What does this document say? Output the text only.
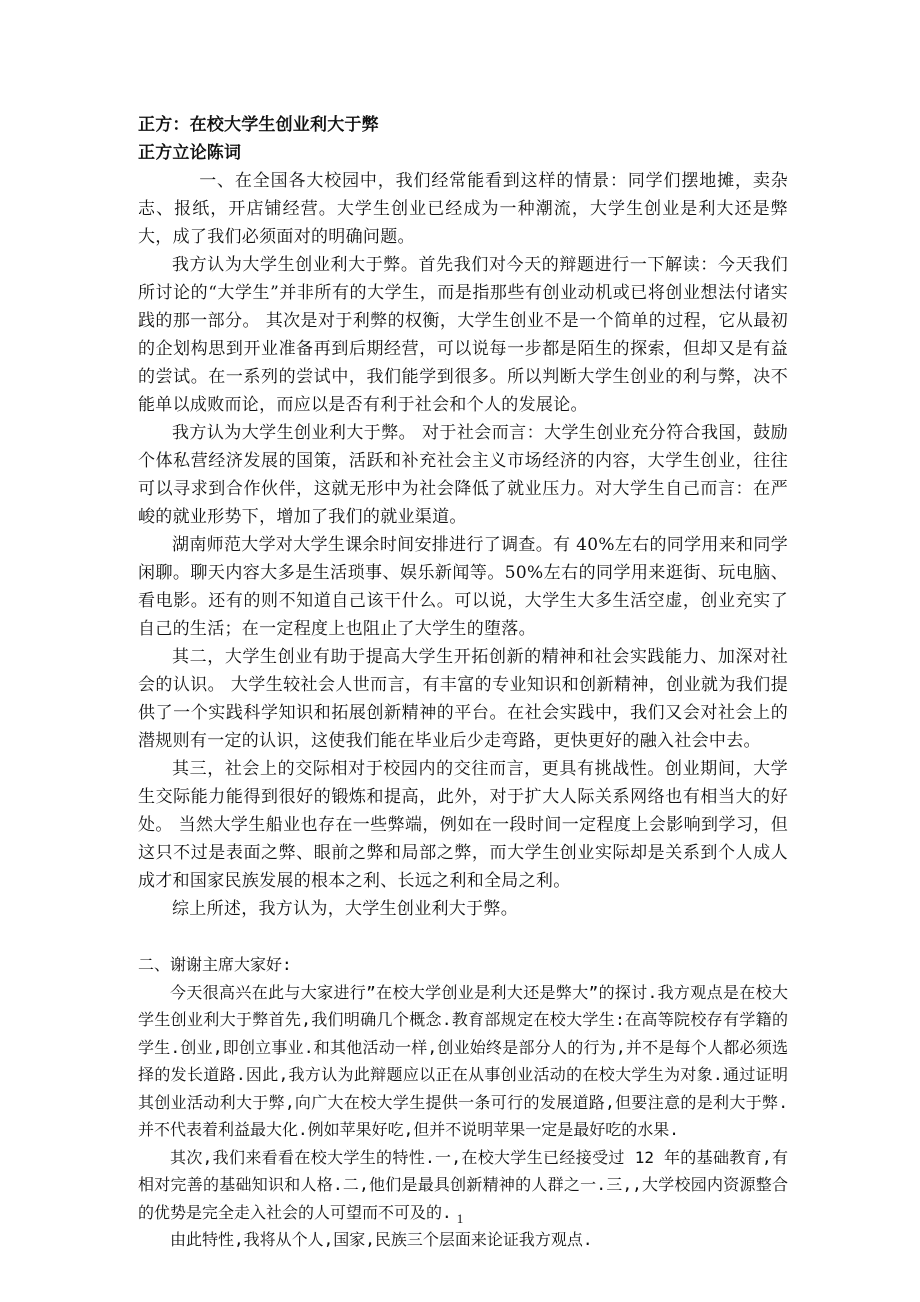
正方：在校大学生创业利大于弊

正方立论陈词

一、在全国各大校园中，我们经常能看到这样的情景：同学们摆地摊，卖杂志、报纸，开店铺经营。大学生创业已经成为一种潮流，大学生创业是利大还是弊大，成了我们必须面对的明确问题。

我方认为大学生创业利大于弊。首先我们对今天的辩题进行一下解读：今天我们所讨论的“大学生”并非所有的大学生，而是指那些有创业动机或已将创业想法付诸实践的那一部分。 其次是对于利弊的权衡，大学生创业不是一个简单的过程，它从最初的企划构思到开业准备再到后期经营，可以说每一步都是陌生的探索，但却又是有益的尝试。在一系列的尝试中，我们能学到很多。所以判断大学生创业的利与弊，决不能单以成败而论，而应以是否有利于社会和个人的发展论。

我方认为大学生创业利大于弊。 对于社会而言：大学生创业充分符合我国，鼓励个体私营经济发展的国策，活跃和补充社会主义市场经济的内容，大学生创业，往往可以寻求到合作伙伴，这就无形中为社会降低了就业压力。对大学生自己而言：在严峻的就业形势下，增加了我们的就业渠道。

湖南师范大学对大学生课余时间安排进行了调查。有 40%左右的同学用来和同学闲聊。聊天内容大多是生活琐事、娱乐新闻等。50%左右的同学用来逛街、玩电脑、看电影。还有的则不知道自己该干什么。可以说，大学生大多生活空虚，创业充实了自己的生活；在一定程度上也阻止了大学生的堕落。

其二，大学生创业有助于提高大学生开拓创新的精神和社会实践能力、加深对社会的认识。 大学生较社会人世而言，有丰富的专业知识和创新精神，创业就为我们提供了一个实践科学知识和拓展创新精神的平台。在社会实践中，我们又会对社会上的潜规则有一定的认识，这使我们能在毕业后少走弯路，更快更好的融入社会中去。

其三，社会上的交际相对于校园内的交往而言，更具有挑战性。创业期间，大学生交际能力能得到很好的锻炼和提高，此外，对于扩大人际关系网络也有相当大的好处。 当然大学生船业也存在一些弊端，例如在一段时间一定程度上会影响到学习，但这只不过是表面之弊、眼前之弊和局部之弊，而大学生创业实际却是关系到个人成人成才和国家民族发展的根本之利、长远之利和全局之利。

综上所述，我方认为，大学生创业利大于弊。

二、谢谢主席大家好:

今天很高兴在此与大家进行”在校大学创业是利大还是弊大”的探讨.我方观点是在校大学生创业利大于弊首先,我们明确几个概念.教育部规定在校大学生:在高等院校存有学籍的学生.创业,即创立事业.和其他活动一样,创业始终是部分人的行为,并不是每个人都必须选择的发长道路.因此,我方认为此辩题应以正在从事创业活动的在校大学生为对象.通过证明其创业活动利大于弊,向广大在校大学生提供一条可行的发展道路,但要注意的是利大于弊.并不代表着利益最大化.例如苹果好吃,但并不说明苹果一定是最好吃的水果.

其次,我们来看看在校大学生的特性.一,在校大学生已经接受过 12 年的基础教育,有相对完善的基础知识和人格.二,他们是最具创新精神的人群之一.三,,大学校园内资源整合的优势是完全走入社会的人可望而不可及的.

由此特性,我将从个人,国家,民族三个层面来论证我方观点.

1
